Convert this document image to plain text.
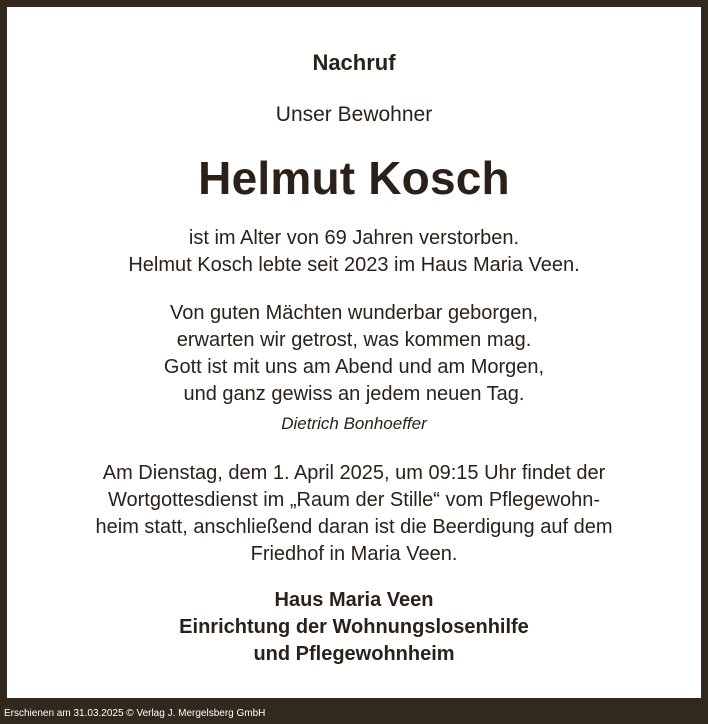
Nachruf
Unser Bewohner
Helmut Kosch
ist im Alter von 69 Jahren verstorben.
Helmut Kosch lebte seit 2023 im Haus Maria Veen.
Von guten Mächten wunderbar geborgen,
erwarten wir getrost, was kommen mag.
Gott ist mit uns am Abend und am Morgen,
und ganz gewiss an jedem neuen Tag.
Dietrich Bonhoeffer
Am Dienstag, dem 1. April 2025, um 09:15 Uhr findet der
Wortgottesdienst im „Raum der Stille“ vom Pflegewohn-
heim statt, anschließend daran ist die Beerdigung auf dem
Friedhof in Maria Veen.
Haus Maria Veen
Einrichtung der Wohnungslosenhilfe
und Pflegewohnheim
Erschienen am 31.03.2025 © Verlag J. Mergelsberg GmbH
